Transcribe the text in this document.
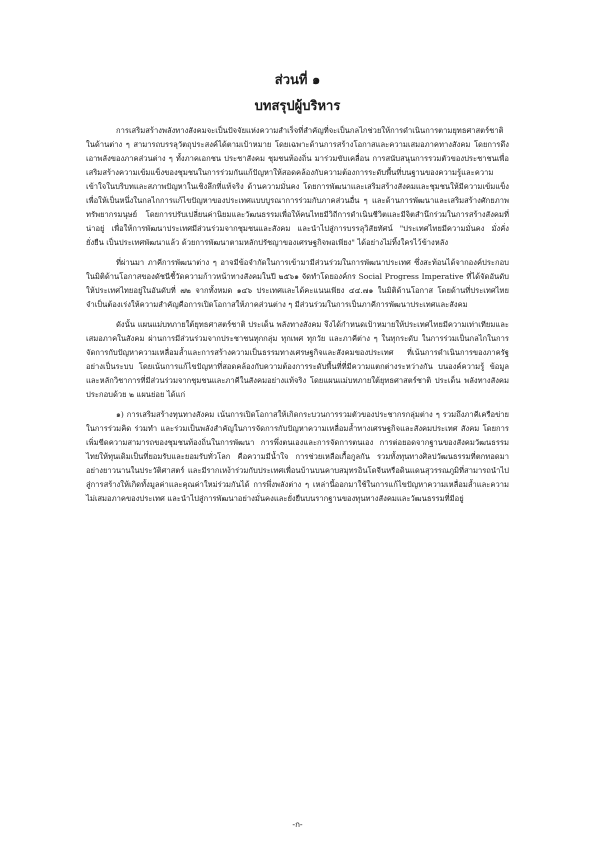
ส่วนที่ ๑
บทสรุปผู้บริหาร

การเสริมสร้างพลังทางสังคมจะเป็นปัจจัยแห่งความสำเร็จที่สำคัญที่จะเป็นกลไกช่วยให้การดำเนินการตามยุทธศาสตร์ชาติในด้านต่าง ๆ สามารถบรรลุวัตถุประสงค์ได้ตามเป้าหมาย โดยเฉพาะด้านการสร้างโอกาสและความเสมอภาคทางสังคม โดยการดึงเอาพลังของภาคส่วนต่าง ๆ ทั้งภาคเอกชน ประชาสังคม ชุมชนท้องถิ่น มาร่วมขับเคลื่อน การสนับสนุนการรวมตัวของประชาชนเพื่อเสริมสร้างความเข้มแข็งของชุมชนในการร่วมกันแก้ปัญหาให้สอดคล้องกับความต้องการระดับพื้นที่บนฐานของความรู้และความเข้าใจในบริบทและสภาพปัญหาในเชิงลึกที่แท้จริง ด้านความมั่นคง โดยการพัฒนาและเสริมสร้างสังคมและชุมชนให้มีความเข้มแข็ง เพื่อให้เป็นหนึ่งในกลไกการแก้ไขปัญหาของประเทศแบบบูรณาการร่วมกับภาคส่วนอื่น ๆ และด้านการพัฒนาและเสริมสร้างศักยภาพทรัพยากรมนุษย์ โดยการปรับเปลี่ยนค่านิยมและวัฒนธรรมเพื่อให้คนไทยมีวิถีการดำเนินชีวิตและมีจิตสำนึกร่วมในการสร้างสังคมที่น่าอยู่ เพื่อให้การพัฒนาประเทศมีส่วนร่วมจากชุมชนและสังคม และนำไปสู่การบรรลุวิสัยทัศน์ "ประเทศไทยมีความมั่นคง มั่งคั่ง ยั่งยืน เป็นประเทศพัฒนาแล้ว ด้วยการพัฒนาตามหลักปรัชญาของเศรษฐกิจพอเพียง" ได้อย่างไม่ทิ้งใครไว้ข้างหลัง

ที่ผ่านมา ภาคีการพัฒนาต่าง ๆ อาจมีข้อจำกัดในการเข้ามามีส่วนร่วมในการพัฒนาประเทศ ซึ่งสะท้อนได้จากองค์ประกอบในมิติด้านโอกาสของดัชนีชี้วัดความก้าวหน้าทางสังคมในปี ๒๕๖๑ จัดทำโดยองค์กร Social Progress Imperative ที่ได้จัดอันดับให้ประเทศไทยอยู่ในอันดับที่ ๗๒ จากทั้งหมด ๑๔๖ ประเทศและได้คะแนนเพียง ๔๔.๗๑ ในมิติด้านโอกาส โดยด้านที่ประเทศไทยจำเป็นต้องเร่งให้ความสำคัญคือการเปิดโอกาสให้ภาคส่วนต่าง ๆ มีส่วนร่วมในการเป็นภาคีการพัฒนาประเทศและสังคม

ดังนั้น แผนแม่บทภายใต้ยุทธศาสตร์ชาติ ประเด็น พลังทางสังคม จึงได้กำหนดเป้าหมายให้ประเทศไทยมีความเท่าเทียมและเสมอภาคในสังคม ผ่านการมีส่วนร่วมจากประชาชนทุกกลุ่ม ทุกเพศ ทุกวัย และภาคีต่าง ๆ ในทุกระดับ ในการร่วมเป็นกลไกในการจัดการกับปัญหาความเหลื่อมล้ำและการสร้างความเป็นธรรมทางเศรษฐกิจและสังคมของประเทศ ที่เน้นการดำเนินการของภาครัฐอย่างเป็นระบบ โดยเน้นการแก้ไขปัญหาที่สอดคล้องกับความต้องการระดับพื้นที่ที่มีความแตกต่างระหว่างกัน บนองค์ความรู้ ข้อมูล และหลักวิชาการที่มีส่วนร่วมจากชุมชนและภาคีในสังคมอย่างแท้จริง โดยแผนแม่บทภายใต้ยุทธศาสตร์ชาติ ประเด็น พลังทางสังคม ประกอบด้วย ๒ แผนย่อย ได้แก่

๑) การเสริมสร้างทุนทางสังคม เน้นการเปิดโอกาสให้เกิดกระบวนการรวมตัวของประชากรกลุ่มต่าง ๆ รวมถึงภาคีเครือข่าย ในการร่วมคิด ร่วมทำ และร่วมเป็นพลังสำคัญในการจัดการกับปัญหาความเหลื่อมล้ำทางเศรษฐกิจและสังคมประเทศ สังคม โดยการเพิ่มขีดความสามารถของชุมชนท้องถิ่นในการพัฒนา การพึ่งตนเองและการจัดการตนเอง การต่อยอดจากฐานของสังคมวัฒนธรรมไทยให้ทุนเดิมเป็นที่ยอมรับและยอมรับทั่วโลก คือความมีน้ำใจ การช่วยเหลือเกื้อกูลกัน รวมทั้งทุนทางศิลปวัฒนธรรมที่ตกทอดมาอย่างยาวนานในประวัติศาสตร์ และมีรากเหง้าร่วมกับประเทศเพื่อนบ้านบนคาบสมุทรอินโดจีนหรือดินแดนสุวรรณภูมิที่สามารถนำไปสู่การสร้างให้เกิดทั้งมูลค่าและคุณค่าใหม่ร่วมกันได้ การพึ่งพลังต่าง ๆ เหล่านี้ออกมาใช้ในการแก้ไขปัญหาความเหลื่อมล้ำและความไม่เสมอภาคของประเทศ และนำไปสู่การพัฒนาอย่างมั่นคงและยั่งยืนบนรากฐานของทุนทางสังคมและวัฒนธรรมที่มีอยู่

-ก-
